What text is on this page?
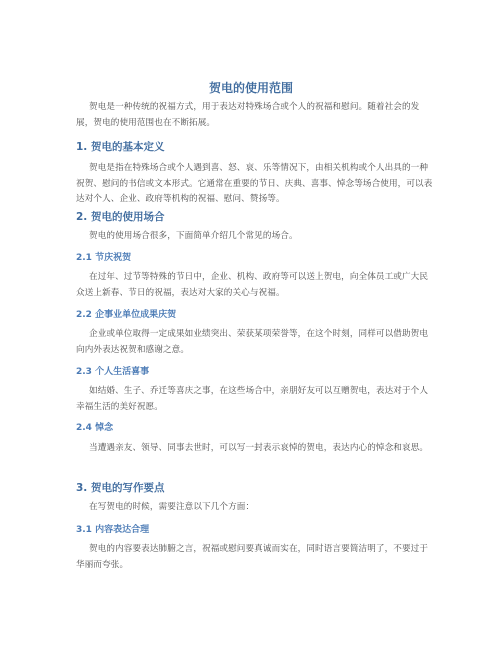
贺电的使用范围

贺电是一种传统的祝福方式，用于表达对特殊场合或个人的祝福和慰问。随着社会的发展，贺电的使用范围也在不断拓展。

1. 贺电的基本定义

贺电是指在特殊场合或个人遇到喜、怒、哀、乐等情况下，由相关机构或个人出具的一种祝贺、慰问的书信或文本形式。它通常在重要的节日、庆典、喜事、悼念等场合使用，可以表达对个人、企业、政府等机构的祝福、慰问、赞扬等。

2. 贺电的使用场合

贺电的使用场合很多，下面简单介绍几个常见的场合。

2.1 节庆祝贺

在过年、过节等特殊的节日中，企业、机构、政府等可以送上贺电，向全体员工或广大民众送上新春、节日的祝福，表达对大家的关心与祝福。

2.2 企事业单位成果庆贺

企业或单位取得一定成果如业绩突出、荣获某项荣誉等，在这个时刻，同样可以借助贺电向内外表达祝贺和感谢之意。

2.3 个人生活喜事

如结婚、生子、乔迁等喜庆之事，在这些场合中，亲朋好友可以互赠贺电，表达对于个人幸福生活的美好祝愿。

2.4 悼念

当遭遇亲友、领导、同事去世时，可以写一封表示哀悼的贺电，表达内心的悼念和哀思。

3. 贺电的写作要点

在写贺电的时候，需要注意以下几个方面：

3.1 内容表达合理

贺电的内容要表达肺腑之言，祝福或慰问要真诚而实在，同时语言要简洁明了，不要过于华丽而夸张。
